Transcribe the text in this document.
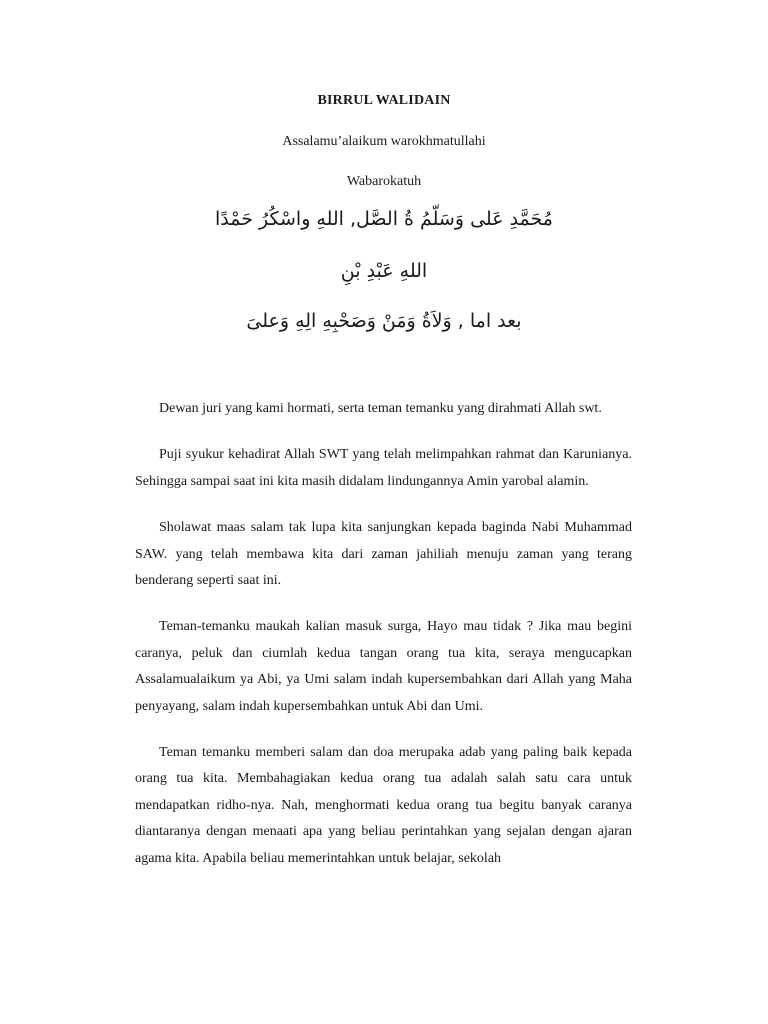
BIRRUL WALIDAIN
Assalamu’alaikum warokhmatullahi
Wabarokatuh
مُحَمَّدِ عَلى وَسَلّمُ ةُ الصَّل, اللهِ واسْكُرُ حَمْدًا
اللهِ عَبْدِ بْنِ
بعد اما , وَلاَةُ وَمَنْ وَصَحْبِهِ الِهِ وَعلىَ

Dewan juri yang kami hormati, serta teman temanku yang dirahmati Allah swt.

Puji syukur kehadirat Allah SWT yang telah melimpahkan rahmat dan Karunianya. Sehingga sampai saat ini kita masih didalam lindungannya Amin yarobal alamin.

Sholawat maas salam tak lupa kita sanjungkan kepada baginda Nabi Muhammad SAW. yang telah membawa kita dari zaman jahiliah menuju zaman yang terang benderang seperti saat ini.

Teman-temanku maukah kalian masuk surga, Hayo mau tidak ? Jika mau begini caranya, peluk dan ciumlah kedua tangan orang tua kita, seraya mengucapkan Assalamualaikum ya Abi, ya Umi salam indah kupersembahkan dari Allah yang Maha penyayang, salam indah kupersembahkan untuk Abi dan Umi.

Teman temanku memberi salam dan doa merupaka adab yang paling baik kepada orang tua kita. Membahagiakan kedua orang tua adalah salah satu cara untuk mendapatkan ridho-nya. Nah, menghormati kedua orang tua begitu banyak caranya diantaranya dengan menaati apa yang beliau perintahkan yang sejalan dengan ajaran agama kita. Apabila beliau memerintahkan untuk belajar, sekolah
